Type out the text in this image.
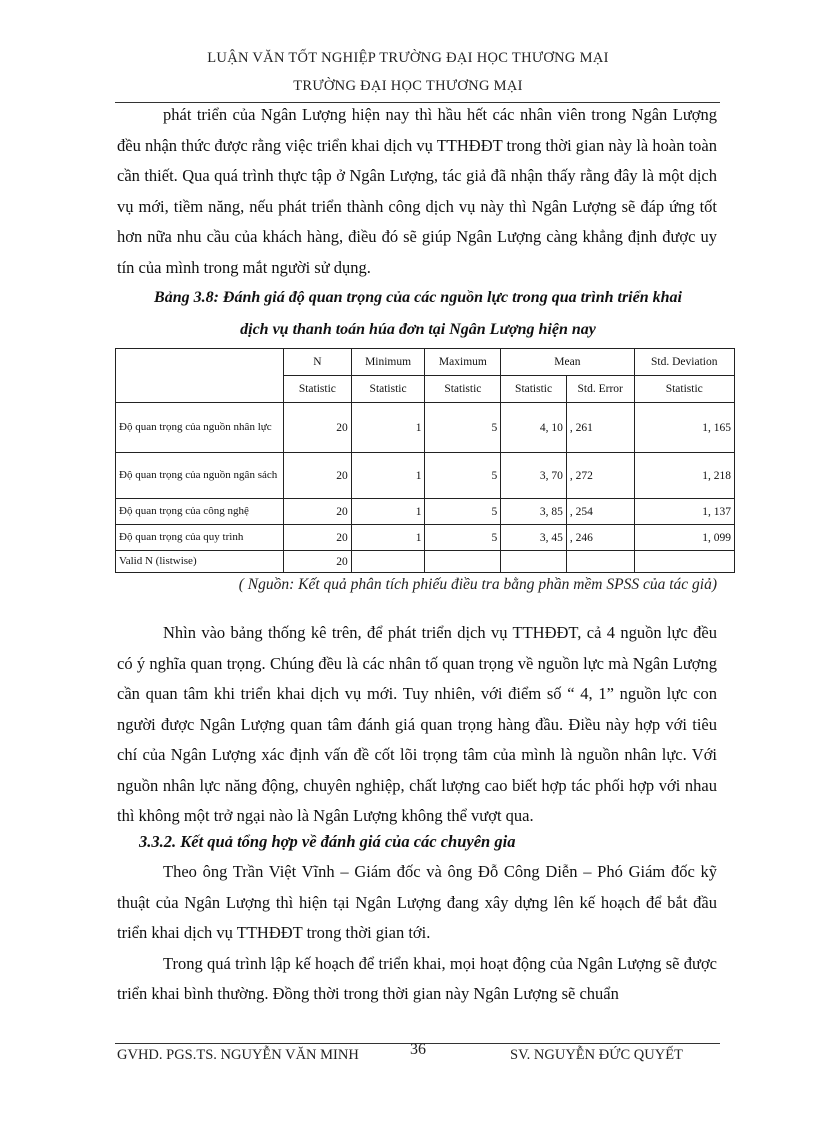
LUẬN VĂN TỐT NGHIỆP TRƯỜNG ĐẠI HỌC THƯƠNG MẠI
TRƯỜNG ĐẠI HỌC THƯƠNG MẠI

phát triển của Ngân Lượng hiện nay thì hầu hết các nhân viên trong Ngân Lượng đều nhận thức được rằng việc triển khai dịch vụ TTHĐĐT trong thời gian này là hoàn toàn cần thiết. Qua quá trình thực tập ở Ngân Lượng, tác giả đã nhận thấy rằng đây là một dịch vụ mới, tiềm năng, nếu phát triển thành công dịch vụ này thì Ngân Lượng sẽ đáp ứng tốt hơn nữa nhu cầu của khách hàng, điều đó sẽ giúp Ngân Lượng càng khẳng định được uy tín của mình trong mắt người sử dụng.

Bảng 3.8: Đánh giá độ quan trọng của các nguồn lực trong qua trình triển khai
dịch vụ thanh toán húa đơn tại Ngân Lượng hiện nay
	N	Minimum	Maximum	Mean		Std. Deviation
	Statistic	Statistic	Statistic	Statistic	Std. Error	Statistic
Độ quan trọng của nguồn nhân lực	20	1	5	4, 10	, 261	1, 165
Độ quan trọng của nguồn ngân sách	20	1	5	3, 70	, 272	1, 218
Độ quan trọng của công nghệ	20	1	5	3, 85	, 254	1, 137
Độ quan trọng của quy trình	20	1	5	3, 45	, 246	1, 099
Valid N (listwise)	20					
( Nguồn: Kết quả phân tích phiếu điều tra bằng phần mềm SPSS của tác giả)

Nhìn vào bảng thống kê trên, để phát triển dịch vụ TTHĐĐT, cả 4 nguồn lực đều có ý nghĩa quan trọng. Chúng đều là các nhân tố quan trọng về nguồn lực mà Ngân Lượng cần quan tâm khi triển khai dịch vụ mới. Tuy nhiên, với điểm số “ 4, 1” nguồn lực con người được Ngân Lượng quan tâm đánh giá quan trọng hàng đầu. Điều này hợp với tiêu chí của Ngân Lượng xác định vấn đề cốt lõi trọng tâm của mình là nguồn nhân lực. Với nguồn nhân lực năng động, chuyên nghiệp, chất lượng cao biết hợp tác phối hợp với nhau thì không một trở ngại nào là Ngân Lượng không thể vượt qua.

3.3.2. Kết quả tổng hợp về đánh giá của các chuyên gia

Theo ông Trần Việt Vĩnh – Giám đốc và ông Đỗ Công Diễn – Phó Giám đốc kỹ thuật của Ngân Lượng thì hiện tại Ngân Lượng đang xây dựng lên kế hoạch để bắt đầu triển khai dịch vụ TTHĐĐT trong thời gian tới.

Trong quá trình lập kế hoạch để triển khai, mọi hoạt động của Ngân Lượng sẽ được triển khai bình thường. Đồng thời trong thời gian này Ngân Lượng sẽ chuẩn

GVHD. PGS.TS. NGUYỄN VĂN MINH	36	SV. NGUYỄN ĐỨC QUYẾT
